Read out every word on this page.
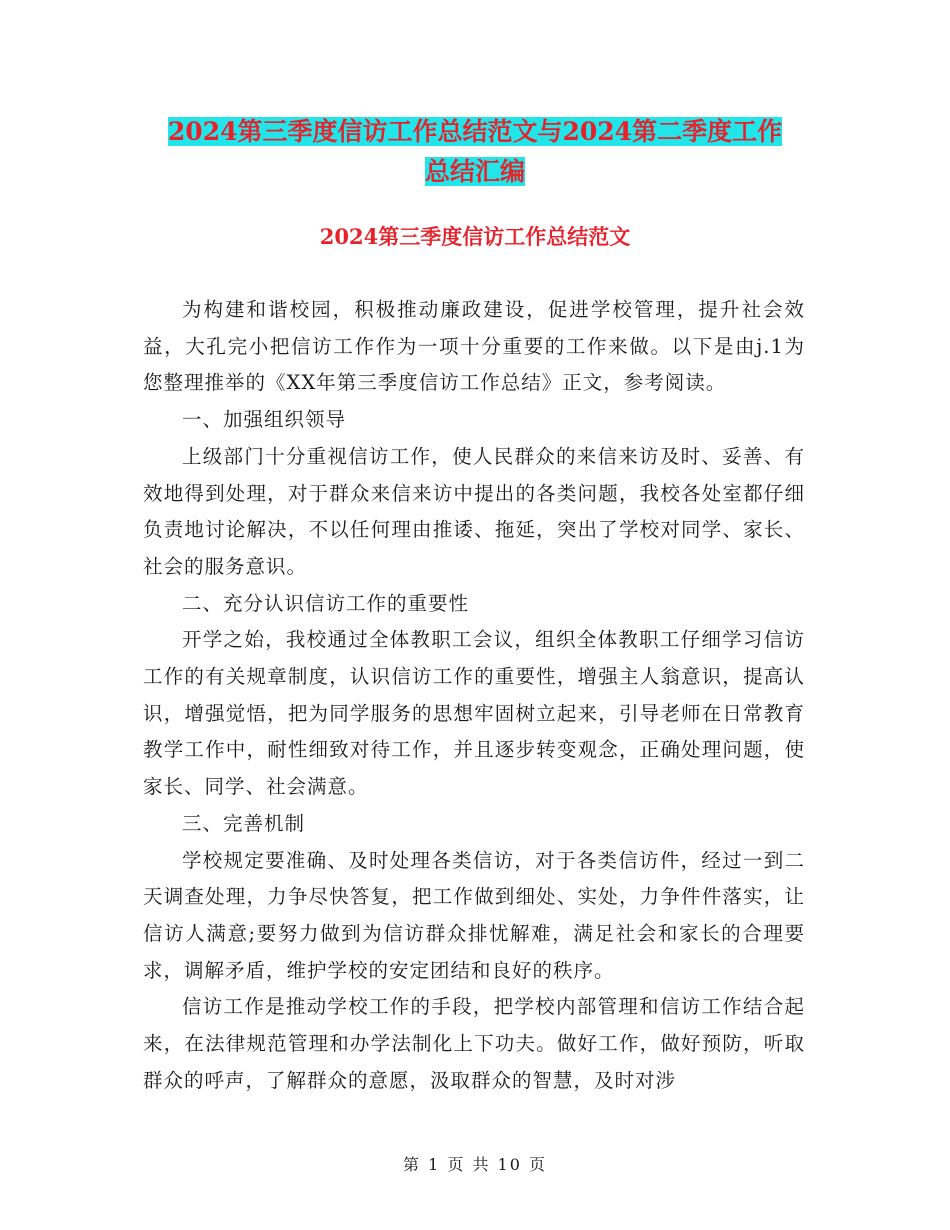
2024第三季度信访工作总结范文与2024第二季度工作
总结汇编
2024第三季度信访工作总结范文

为构建和谐校园，积极推动廉政建设，促进学校管理，提升社会效益，大孔完小把信访工作作为一项十分重要的工作来做。以下是由j.1为您整理推举的《XX年第三季度信访工作总结》正文，参考阅读。

一、加强组织领导

上级部门十分重视信访工作，使人民群众的来信来访及时、妥善、有效地得到处理，对于群众来信来访中提出的各类问题，我校各处室都仔细负责地讨论解决，不以任何理由推诿、拖延，突出了学校对同学、家长、社会的服务意识。

二、充分认识信访工作的重要性

开学之始，我校通过全体教职工会议，组织全体教职工仔细学习信访工作的有关规章制度，认识信访工作的重要性，增强主人翁意识，提高认识，增强觉悟，把为同学服务的思想牢固树立起来，引导老师在日常教育教学工作中，耐性细致对待工作，并且逐步转变观念，正确处理问题，使家长、同学、社会满意。

三、完善机制

学校规定要准确、及时处理各类信访，对于各类信访件，经过一到二天调查处理，力争尽快答复，把工作做到细处、实处，力争件件落实，让信访人满意;要努力做到为信访群众排忧解难，满足社会和家长的合理要求，调解矛盾，维护学校的安定团结和良好的秩序。

信访工作是推动学校工作的手段，把学校内部管理和信访工作结合起来，在法律规范管理和办学法制化上下功夫。做好工作，做好预防，听取群众的呼声，了解群众的意愿，汲取群众的智慧，及时对涉

第 1 页 共 10 页
